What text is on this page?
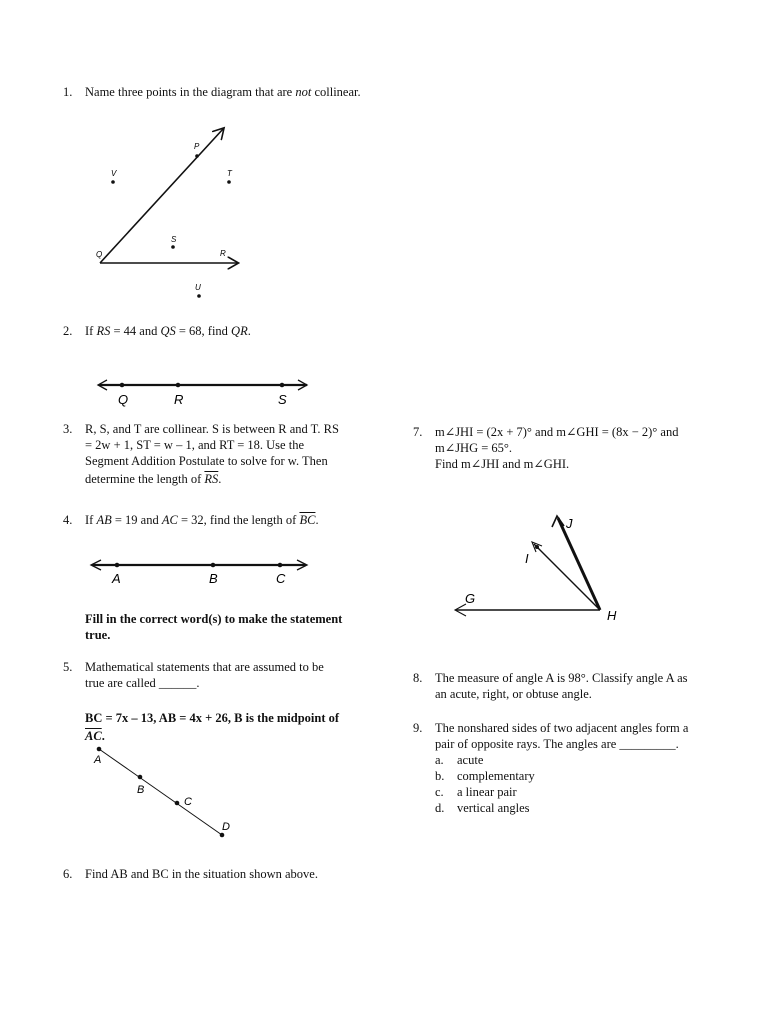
1. Name three points in the diagram that are not collinear.
P
V	T
S
Q	R
U
2. If RS = 44 and QS = 68, find QR.
Q	R	S
3. R, S, and T are collinear. S is between R and T. RS
= 2w + 1, ST = w – 1, and RT = 18. Use the
Segment Addition Postulate to solve for w. Then
determine the length of $\overline{RS}$.
4. If AB = 19 and AC = 32, find the length of $\overline{BC}$.
A	B	C
Fill in the correct word(s) to make the statement
true.
5. Mathematical statements that are assumed to be
true are called ______.
BC = 7x – 13, AB = 4x + 26, B is the midpoint of
$\overline{AC}$.
A
B
C
D
6. Find AB and BC in the situation shown above.
7. m∠JHI = (2x + 7)° and m∠GHI = (8x − 2)° and
m∠JHG = 65°.
Find m∠JHI and m∠GHI.
J
I
G
H
8. The measure of angle A is 98°. Classify angle A as
an acute, right, or obtuse angle.
9. The nonshared sides of two adjacent angles form a
pair of opposite rays. The angles are _________.
a. acute
b. complementary
c. a linear pair
d. vertical angles
